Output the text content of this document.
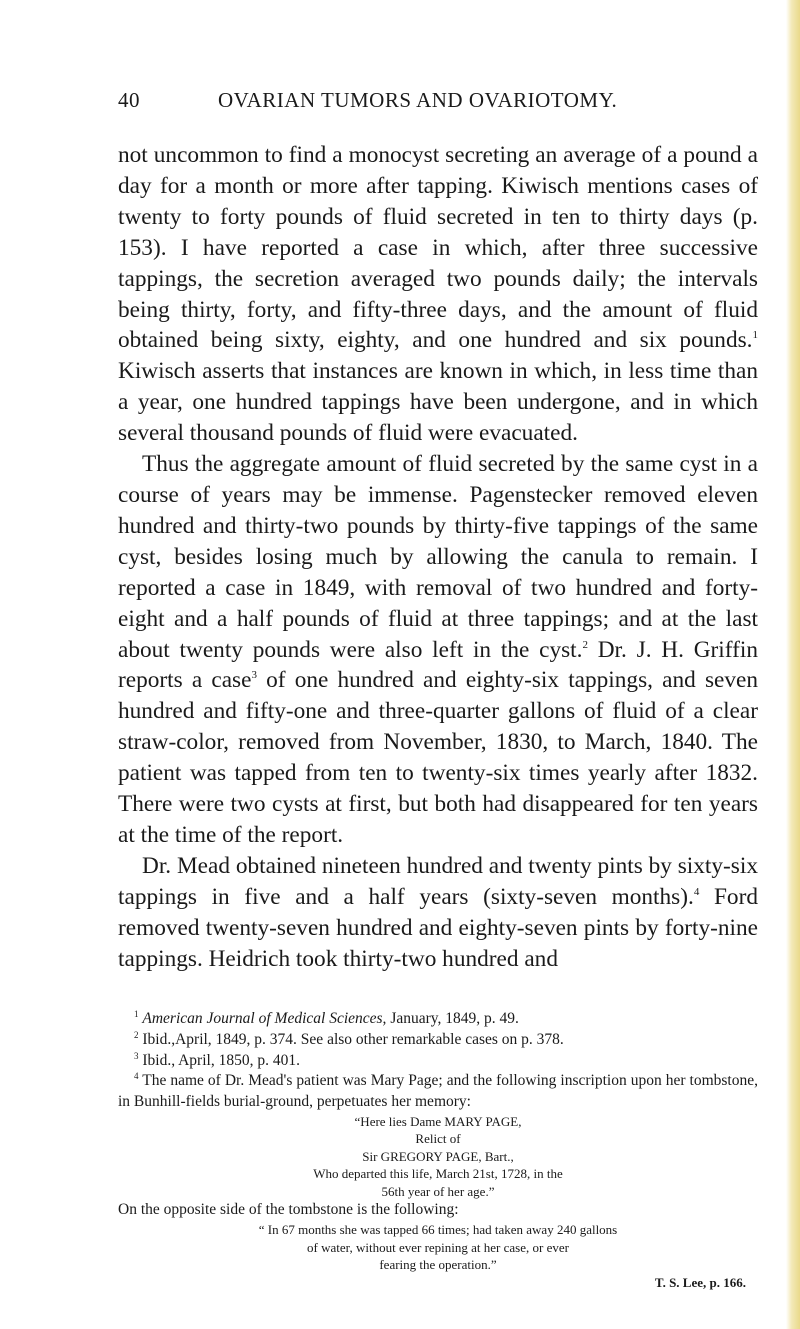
40	OVARIAN TUMORS AND OVARIOTOMY.

not uncommon to find a monocyst secreting an average of a pound a day for a month or more after tapping. Kiwisch mentions cases of twenty to forty pounds of fluid secreted in ten to thirty days (p. 153). I have reported a case in which, after three successive tappings, the secretion averaged two pounds daily; the intervals being thirty, forty, and fifty-three days, and the amount of fluid obtained being sixty, eighty, and one hundred and six pounds.$^1$ Kiwisch asserts that instances are known in which, in less time than a year, one hundred tappings have been undergone, and in which several thousand pounds of fluid were evacuated.

Thus the aggregate amount of fluid secreted by the same cyst in a course of years may be immense. Pagenstecker removed eleven hundred and thirty-two pounds by thirty-five tappings of the same cyst, besides losing much by allowing the canula to remain. I reported a case in 1849, with removal of two hundred and forty-eight and a half pounds of fluid at three tappings; and at the last about twenty pounds were also left in the cyst.$^2$ Dr. J. H. Griffin reports a case$^3$ of one hundred and eighty-six tappings, and seven hundred and fifty-one and three-quarter gallons of fluid of a clear straw-color, removed from November, 1830, to March, 1840. The patient was tapped from ten to twenty-six times yearly after 1832. There were two cysts at first, but both had disappeared for ten years at the time of the report.

Dr. Mead obtained nineteen hundred and twenty pints by sixty-six tappings in five and a half years (sixty-seven months).$^4$ Ford removed twenty-seven hundred and eighty-seven pints by forty-nine tappings. Heidrich took thirty-two hundred and

$^1$ American Journal of Medical Sciences, January, 1849, p. 49.

$^2$ Ibid.,April, 1849, p. 374. See also other remarkable cases on p. 378.

$^3$ Ibid., April, 1850, p. 401.

$^4$ The name of Dr. Mead's patient was Mary Page; and the following inscription upon her tombstone, in Bunhill-fields burial-ground, perpetuates her memory:

“Here lies Dame MARY PAGE,
Relict of
Sir GREGORY PAGE, Bart.,
Who departed this life, March 21st, 1728, in the
56th year of her age.”

On the opposite side of the tombstone is the following:

“ In 67 months she was tapped 66 times; had taken away 240 gallons
of water, without ever repining at her case, or ever
fearing the operation.”
T. S. Lee, p. 166.
